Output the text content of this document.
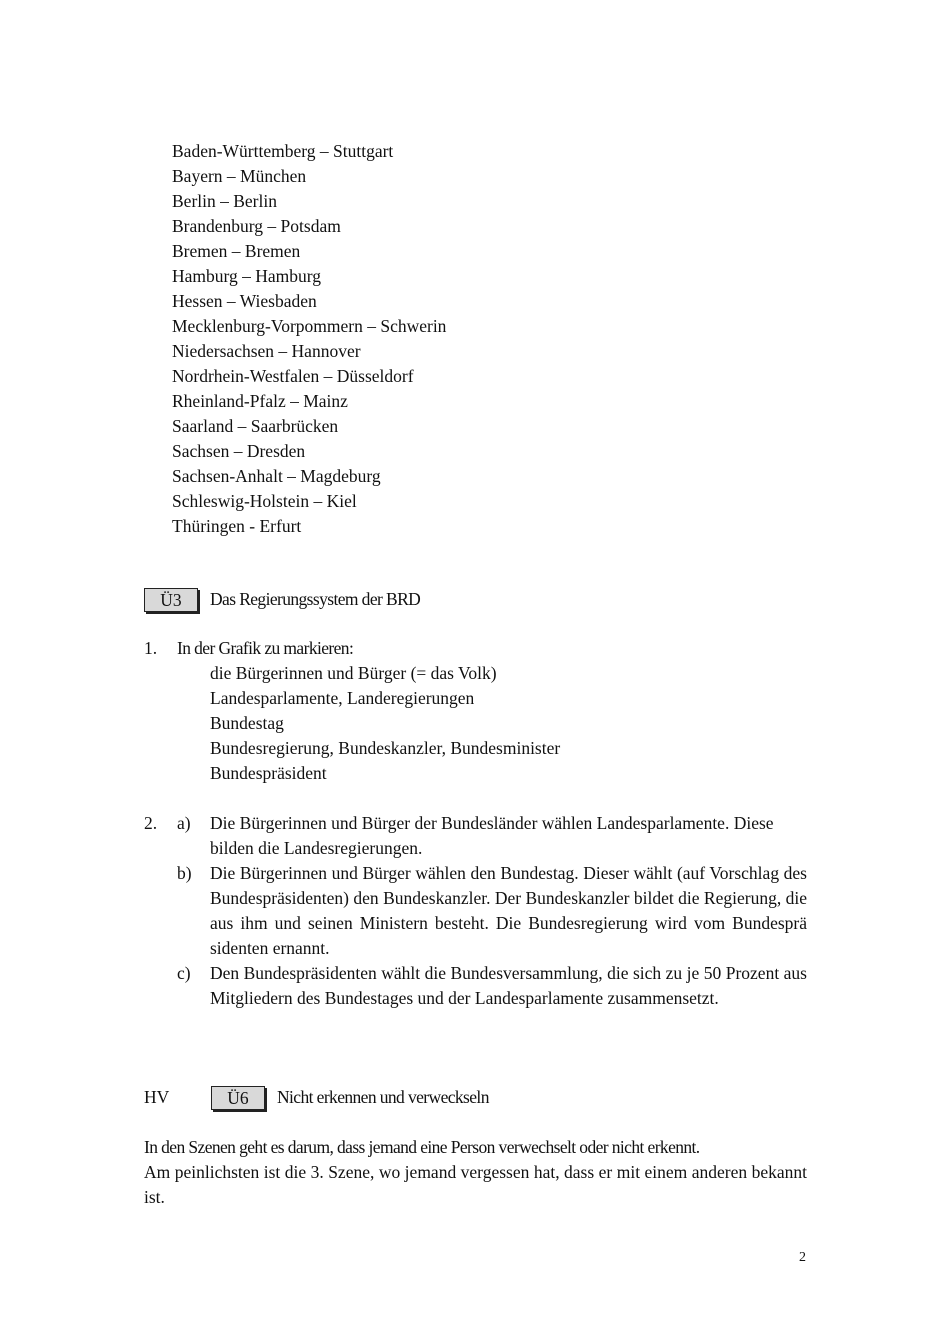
Baden-Württemberg – Stuttgart
Bayern – München
Berlin – Berlin
Brandenburg – Potsdam
Bremen – Bremen
Hamburg – Hamburg
Hessen – Wiesbaden
Mecklenburg-Vorpommern – Schwerin
Niedersachsen – Hannover
Nordrhein-Westfalen – Düsseldorf
Rheinland-Pfalz – Mainz
Saarland – Saarbrücken
Sachsen – Dresden
Sachsen-Anhalt – Magdeburg
Schleswig-Holstein – Kiel
Thüringen - Erfurt
Ü3	Das Regierungssystem der BRD
1. In der Grafik zu markieren:
die Bürgerinnen und Bürger (= das Volk)
Landesparlamente, Landeregierungen
Bundestag
Bundesregierung, Bundeskanzler, Bundesminister
Bundespräsident
2. a) Die Bürgerinnen und Bürger der Bundesländer wählen Landesparlamente. Diese bilden die Landesregierungen.
b) Die Bürgerinnen und Bürger wählen den Bundestag. Dieser wählt (auf Vorschlag des Bundespräsidenten) den Bundeskanzler. Der Bundeskanzler bildet die Regierung, die aus ihm und seinen Ministern besteht. Die Bundesregierung wird vom Bundesprä sidenten ernannt.
c) Den Bundespräsidenten wählt die Bundesversammlung, die sich zu je 50 Prozent aus Mitgliedern des Bundestages und der Landesparlamente zusammensetzt.
HV	Ü6	Nicht erkennen und verweckseln
In den Szenen geht es darum, dass jemand eine Person verwechselt oder nicht erkennt.
Am peinlichsten ist die 3. Szene, wo jemand vergessen hat, dass er mit einem anderen bekannt ist.
2
